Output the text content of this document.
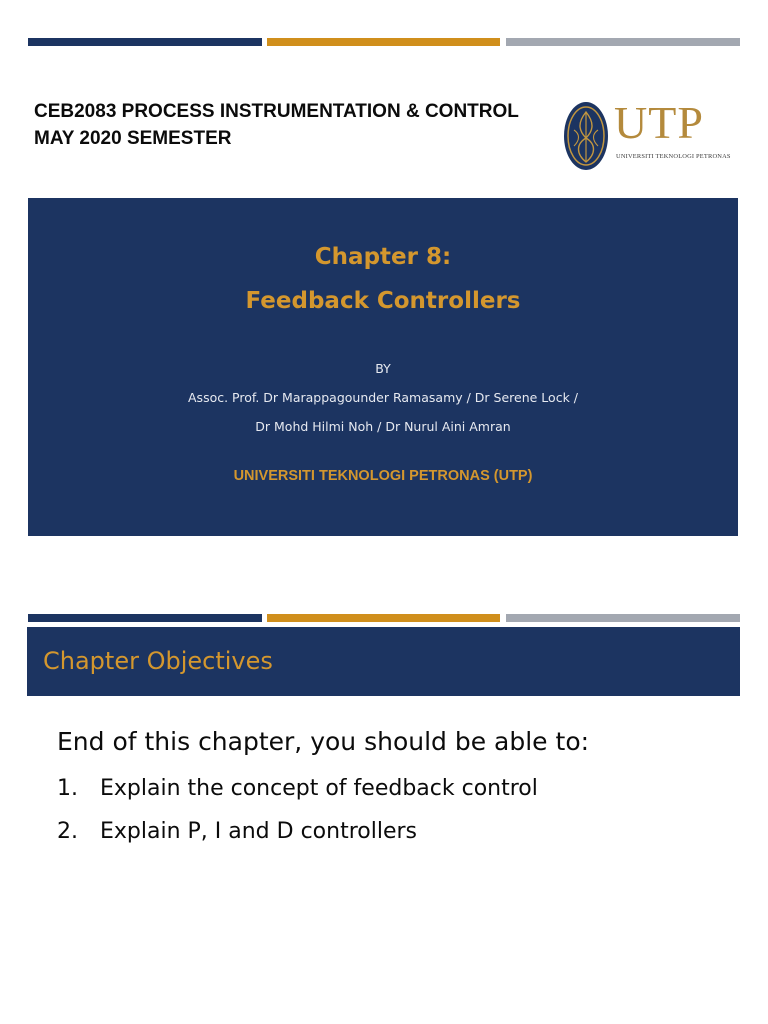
CEB2083 PROCESS INSTRUMENTATION & CONTROL
MAY 2020 SEMESTER	UTP
UNIVERSITI TEKNOLOGI PETRONAS
Chapter 8:
Feedback Controllers
BY
Assoc. Prof. Dr Marappagounder Ramasamy / Dr Serene Lock /
Dr Mohd Hilmi Noh / Dr Nurul Aini Amran
UNIVERSITI TEKNOLOGI PETRONAS (UTP)
Chapter Objectives
End of this chapter, you should be able to:
1. Explain the concept of feedback control
2. Explain P, I and D controllers
